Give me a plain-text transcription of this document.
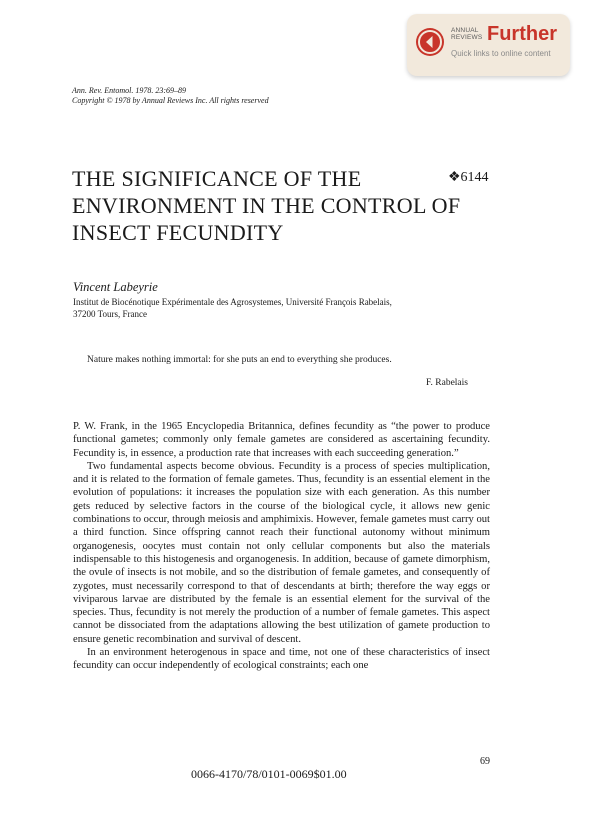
ANNUAL
REVIEWS Further
Quick links to online content
Ann. Rev. Entomol. 1978. 23:69–89
Copyright © 1978 by Annual Reviews Inc. All rights reserved
THE SIGNIFICANCE OF THE ENVIRONMENT IN THE CONTROL OF INSECT FECUNDITY
❖6144
Vincent Labeyrie
Institut de Biocénotique Expérimentale des Agrosystemes, Université François Rabelais,
37200 Tours, France
Nature makes nothing immortal: for she puts an end to everything she produces.
F. Rabelais

P. W. Frank, in the 1965 Encyclopedia Britannica, defines fecundity as “the power to produce functional gametes; commonly only female gametes are considered as ascertaining fecundity. Fecundity is, in essence, a production rate that increases with each succeeding generation.”

Two fundamental aspects become obvious. Fecundity is a process of species multiplication, and it is related to the formation of female gametes. Thus, fecundity is an essential element in the evolution of populations: it increases the population size with each generation. As this number gets reduced by selective factors in the course of the biological cycle, it allows new genic combinations to occur, through meiosis and amphimixis. However, female gametes must carry out a third function. Since offspring cannot reach their functional autonomy without minimum organogenesis, oocytes must contain not only cellular components but also the materials indispensable to this histogenesis and organogenesis. In addition, because of gamete dimorphism, the ovule of insects is not mobile, and so the distribution of female gametes, and consequently of zygotes, must necessarily correspond to that of descendants at birth; therefore the way eggs or viviparous larvae are distributed by the female is an essential element for the survival of the species. Thus, fecundity is not merely the production of a number of female gametes. This aspect cannot be dissociated from the adaptations allowing the best utilization of gamete production to ensure genetic recombination and survival of descent.

In an environment heterogenous in space and time, not one of these characteristics of insect fecundity can occur independently of ecological constraints; each one

69
0066-4170/78/0101-0069$01.00
